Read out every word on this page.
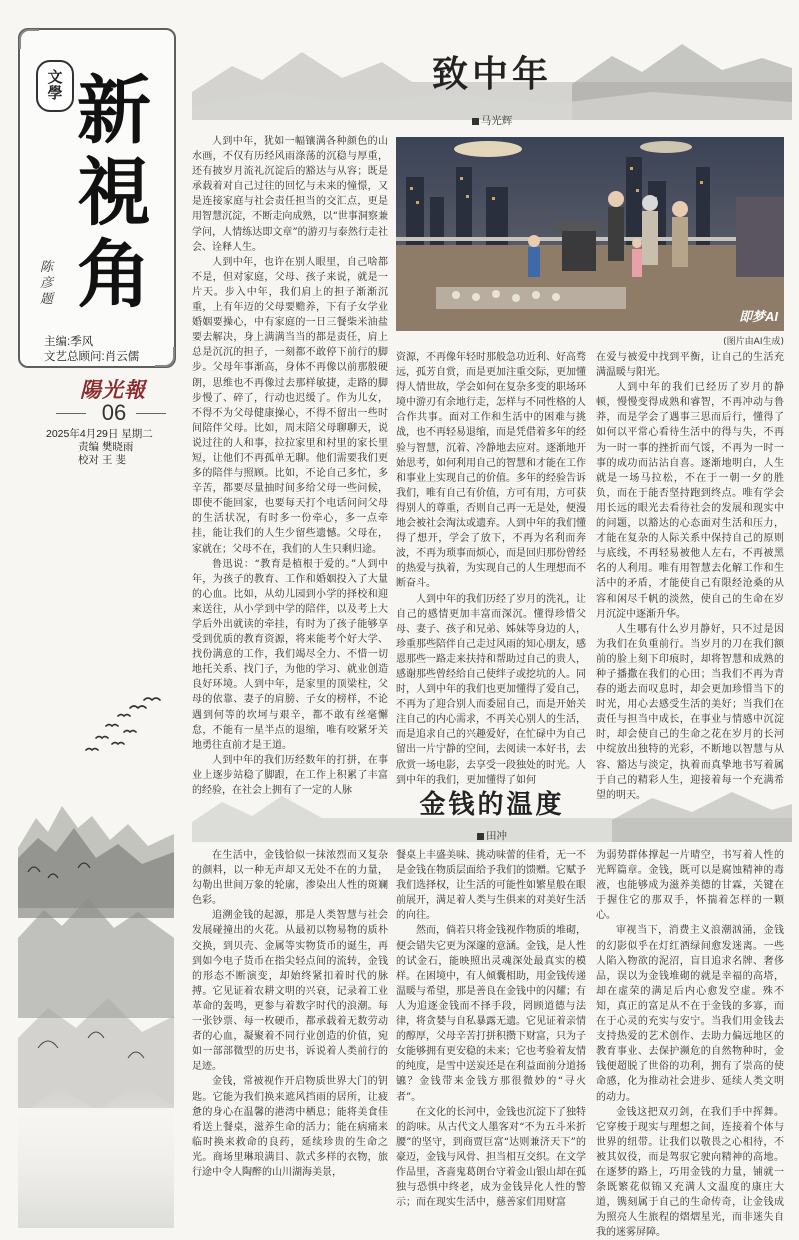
文
學 新
視
角
陈
彦
题
主编:季风
文艺总顾问:肖云儒
陽光報
06
2025年4月29日 星期二
责编 樊晓雨
校对 王 斐
致中年
马光辉

人到中年，犹如一幅镶满各种颜色的山水画，不仅有历经风雨涤荡的沉稳与厚重，还有披岁月流礼沉淀后的豁达与从容；既是承载着对自己过往的回忆与未来的憧憬，又是连接家庭与社会责任担当的交汇点，更是用智慧沉淀，不断走向成熟，以“世事洞察兼学问，人情练达即文章”的游刃与泰然行走社会、诠释人生。

人到中年，也许在别人眼里，自己啥都不是，但对家庭，父母、孩子来说，就是一片天。步入中年，我们肩上的担子渐渐沉重，上有年迈的父母要赡养，下有子女学业婚姻要操心，中有家庭的一日三餐柴米油盐要去解决，身上满满当当的都是责任，肩上总是沉沉的担子，一刻都不敢停下前行的脚步。父母年事渐高，身体不再像以前那般硬朗，思维也不再像过去那样敏捷，走路的脚步慢了、碎了，行动也迟缓了。作为儿女，不得不为父母健康操心，不得不留出一些时间陪伴父母。比如，周末陪父母聊聊天，说说过往的人和事，拉拉家里和村里的家长里短，让他们不再孤单无聊。他们需要我们更多的陪伴与照顾。比如，不论自己多忙，多辛苦，都要尽量抽时间多给父母一些问候，即使不能回家，也要每天打个电话问问父母的生活状况，有时多一份牵心，多一点牵挂，能让我们的人生少留些遗憾。父母在，家就在；父母不在，我们的人生只剩归途。

鲁迅说：“教育是植根于爱的。”人到中年，为孩子的教育、工作和婚姻投入了大量的心血。比如，从幼儿园到小学的择校和迎来送往，从小学到中学的陪伴，以及考上大学后外出就读的牵挂，有时为了孩子能够享受到优质的教育资源，将来能考个好大学、找份满意的工作，我们竭尽全力、不惜一切地托关系、找门子，为他的学习、就业创造良好环境。人到中年，是家里的顶梁柱，父母的依靠、妻子的肩膀、子女的榜样，不论遇到何等的坎坷与艰辛，都不敢有丝毫懈怠，不能有一星半点的退缩，唯有咬紧牙关地勇往直前才是王道。

人到中年的我们历经数年的打拼，在事业上逐步站稳了脚跟，在工作上积累了丰富的经验，在社会上拥有了一定的人脉

即梦AI
(图片由AI生成)

资源，不再像年轻时那般急功近利、好高骛远，孤芳自赏，而是更加注重交际，更加懂得人情世故，学会如何在复杂多变的职场环境中游刃有余地行走，怎样与不同性格的人合作共事。面对工作和生活中的困难与挑战，也不再轻易退缩，而是凭借着多年的经验与智慧，沉着、冷静地去应对。逐渐地开始思考，如何利用自己的智慧和才能在工作和事业上实现自己的价值。多年的经验告诉我们，唯有自己有价值，方可有用，方可获得别人的尊重，否则自己再一无是处，便漫地会被社会淘汰或遗弃。人到中年的我们懂得了想开，学会了放下，不再为名利而奔波，不再为琐事而烦心，而是回归那份曾经的热爱与执着，为实现自己的人生理想而不断奋斗。

人到中年的我们历经了岁月的洗礼，让自己的感情更加丰富而深沉。懂得珍惜父母、妻子、孩子和兄弟、姊妹等身边的人，珍重那些陪伴自己走过风雨的知心朋友，感恩那些一路走来扶持和帮助过自己的贵人，感谢那些曾经给自己使绊子或挖坑的人。同时，人到中年的我们也更加懂得了爱自己，不再为了迎合别人而委屈自己，而是开始关注自己的内心需求，不再关心别人的生活，而是追求自己的兴趣爱好，在忙碌中为自己留出一片宁静的空间，去阅读一本好书，去欣赏一场电影，去享受一段独处的时光。人到中年的我们，更加懂得了如何

在爱与被爱中找到平衡，让自己的生活充满温暖与阳光。

人到中年的我们已经历了岁月的静顿，慢慢变得成熟和睿智，不再冲动与鲁莽，而是学会了遇事三思而后行，懂得了如何以平常心看待生活中的得与失，不再为一时一事的挫折而气馁，不再为一时一事的成功而沾沾自喜。逐渐地明白，人生就是一场马拉松，不在于一朝一夕的胜负，而在于能否坚持跑到终点。唯有学会用长远的眼光去看待社会的发展和现实中的问题，以豁达的心态面对生活和压力，才能在复杂的人际关系中保持自己的原则与底线，不再轻易被他人左右，不再被黑名的人利用。唯有用智慧去化解工作和生活中的矛盾，才能使自己有限经沧桑的从容和闲尽千帆的淡然，使自己的生命在岁月沉淀中逐渐升华。

人生哪有什么岁月静好，只不过是因为我们在负重前行。当岁月的刀在我们额前的脸上刻下印痕时，却将智慧和成熟的种子播撒在我们的心田；当我们不再为青春的逝去而叹息时，却会更加珍惜当下的时光，用心去感受生活的美好；当我们在责任与担当中成长，在事业与情感中沉淀时，却会使自己的生命之花在岁月的长河中绽放出独特的光彩，不断地以智慧与从容、豁达与淡定，执着而真挚地书写着属于自己的精彩人生，迎接着每一个充满希望的明天。

金钱的温度
田冲

在生活中，金钱恰似一抹浓烈而又复杂的颜料，以一种无声却又无处不在的力量，勾勒出世间万象的轮廓，渗染出人性的斑斓色彩。

追溯金钱的起源，那是人类智慧与社会发展碰撞出的火花。从最初以物易物的质朴交换，到贝壳、金属等实物货币的诞生，再到如今电子货币在指尖轻点间的流转，金钱的形态不断演变，却始终紧扣着时代的脉搏。它见证着农耕文明的兴衰，记录着工业革命的轰鸣，更参与着数字时代的浪潮。每一张钞票、每一枚硬币，都承载着无数劳动者的心血，凝聚着不同行业创造的价值，宛如一部部微型的历史书，诉说着人类前行的足迹。

金钱，常被视作开启物质世界大门的钥匙。它能为我们换来遮风挡雨的居所，让疲惫的身心在温馨的港湾中栖息；能将美食佳肴送上餐桌，滋养生命的活力；能在病痛来临时换来救命的良药，延续珍贵的生命之光。商场里琳琅满目、款式多样的衣物，旅行途中令人陶醉的山川湖海美景，

餐桌上丰盛美味、挑动味蕾的佳肴，无一不是金钱在物质层面给予我们的馈赠。它赋予我们选择权，让生活的可能性如繁星般在眼前展开，满足着人类与生俱来的对美好生活的向往。

然而，倘若只将金钱视作物质的堆砌，便会错失它更为深邃的意涵。金钱，是人性的试金石，能映照出灵魂深处最真实的模样。在困境中，有人倾囊相助，用金钱传递温暖与希望，那是善良在金钱中的闪耀；有人为追逐金钱而不择手段，罔顾道德与法律，将贪婪与自私暴露无遗。它见证着亲情的醇厚，父母辛苦打拼积攒下财富，只为子女能够拥有更安稳的未来；它也考验着友情的纯度，是雪中送炭还是在利益面前分道扬镳？金钱带来金钱方那很微妙的“寻火者”。

在文化的长河中，金钱也沉淀下了独特的韵味。从古代文人墨客对“不为五斗米折腰”的坚守，到商贾巨富“达则兼济天下”的豪迈，金钱与风骨、担当相互交织。在文学作品里，吝啬鬼葛朗台守着金山银山却在孤独与恐惧中终老，成为金钱异化人性的警示；而在现实生活中，慈善家们用财富

为弱势群体撑起一片晴空，书写着人性的光辉篇章。金钱，既可以是腐蚀精神的毒液，也能够成为滋养美德的甘霖，关键在于握住它的那双手，怀揣着怎样的一颗心。

审视当下，消费主义浪潮汹涌，金钱的幻影似乎在灯红酒绿间愈发迷离。一些人陷入物欲的泥沼，盲目追求名牌、奢侈品，误以为金钱堆砌的就是幸福的高塔，却在虚荣的满足后内心愈发空虚。殊不知，真正的富足从不在于金钱的多寡，而在于心灵的充实与安宁。当我们用金钱去支持热爱的艺术创作、去助力偏远地区的教育事业、去保护濒危的自然物种时，金钱便超脱了世俗的功利，拥有了崇高的使命感，化为推动社会进步、延续人类文明的动力。

金钱这把双刃剑，在我们手中挥舞。它穿梭于现实与理想之间，连接着个体与世界的纽带。让我们以敬畏之心相待，不被其奴役，而是驾驭它驶向精神的高地。在逐梦的路上，巧用金钱的力量，铺就一条既繁花似锦又充满人文温度的康庄大道，镌刻属于自己的生命传奇，让金钱成为照亮人生旅程的熠熠星光，而非迷失自我的迷雾屏障。
